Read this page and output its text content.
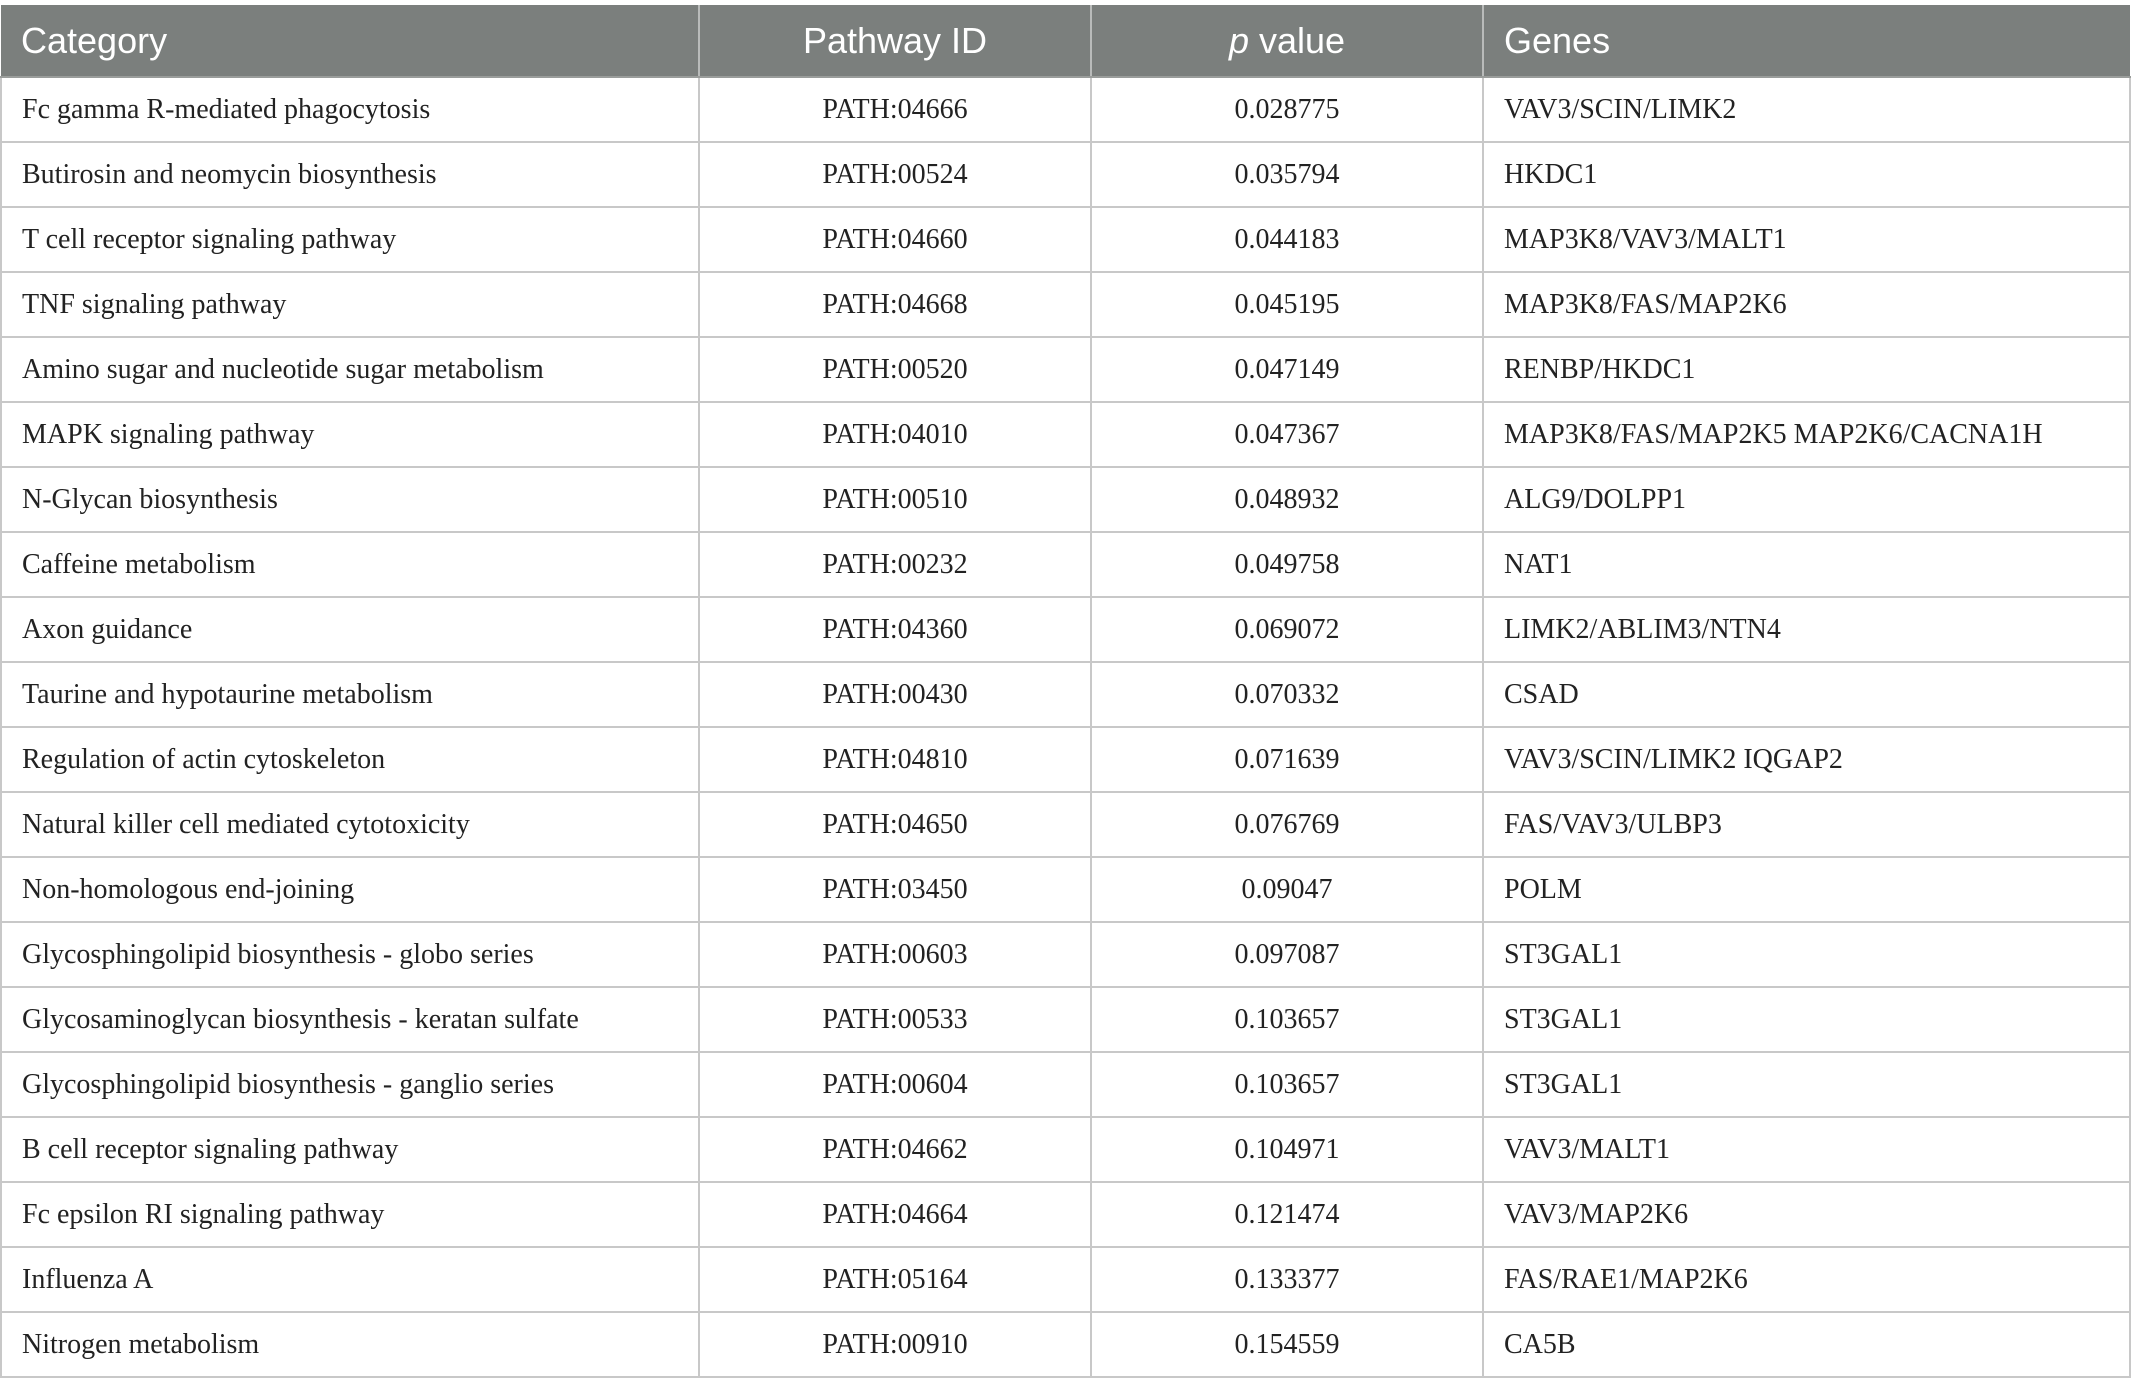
Category	Pathway ID	p value	Genes
Fc gamma R-mediated phagocytosis	PATH:04666	0.028775	VAV3/SCIN/LIMK2
Butirosin and neomycin biosynthesis	PATH:00524	0.035794	HKDC1
T cell receptor signaling pathway	PATH:04660	0.044183	MAP3K8/VAV3/MALT1
TNF signaling pathway	PATH:04668	0.045195	MAP3K8/FAS/MAP2K6
Amino sugar and nucleotide sugar metabolism	PATH:00520	0.047149	RENBP/HKDC1
MAPK signaling pathway	PATH:04010	0.047367	MAP3K8/FAS/MAP2K5 MAP2K6/CACNA1H
N-Glycan biosynthesis	PATH:00510	0.048932	ALG9/DOLPP1
Caffeine metabolism	PATH:00232	0.049758	NAT1
Axon guidance	PATH:04360	0.069072	LIMK2/ABLIM3/NTN4
Taurine and hypotaurine metabolism	PATH:00430	0.070332	CSAD
Regulation of actin cytoskeleton	PATH:04810	0.071639	VAV3/SCIN/LIMK2 IQGAP2
Natural killer cell mediated cytotoxicity	PATH:04650	0.076769	FAS/VAV3/ULBP3
Non-homologous end-joining	PATH:03450	0.09047	POLM
Glycosphingolipid biosynthesis - globo series	PATH:00603	0.097087	ST3GAL1
Glycosaminoglycan biosynthesis - keratan sulfate	PATH:00533	0.103657	ST3GAL1
Glycosphingolipid biosynthesis - ganglio series	PATH:00604	0.103657	ST3GAL1
B cell receptor signaling pathway	PATH:04662	0.104971	VAV3/MALT1
Fc epsilon RI signaling pathway	PATH:04664	0.121474	VAV3/MAP2K6
Influenza A	PATH:05164	0.133377	FAS/RAE1/MAP2K6
Nitrogen metabolism	PATH:00910	0.154559	CA5B
